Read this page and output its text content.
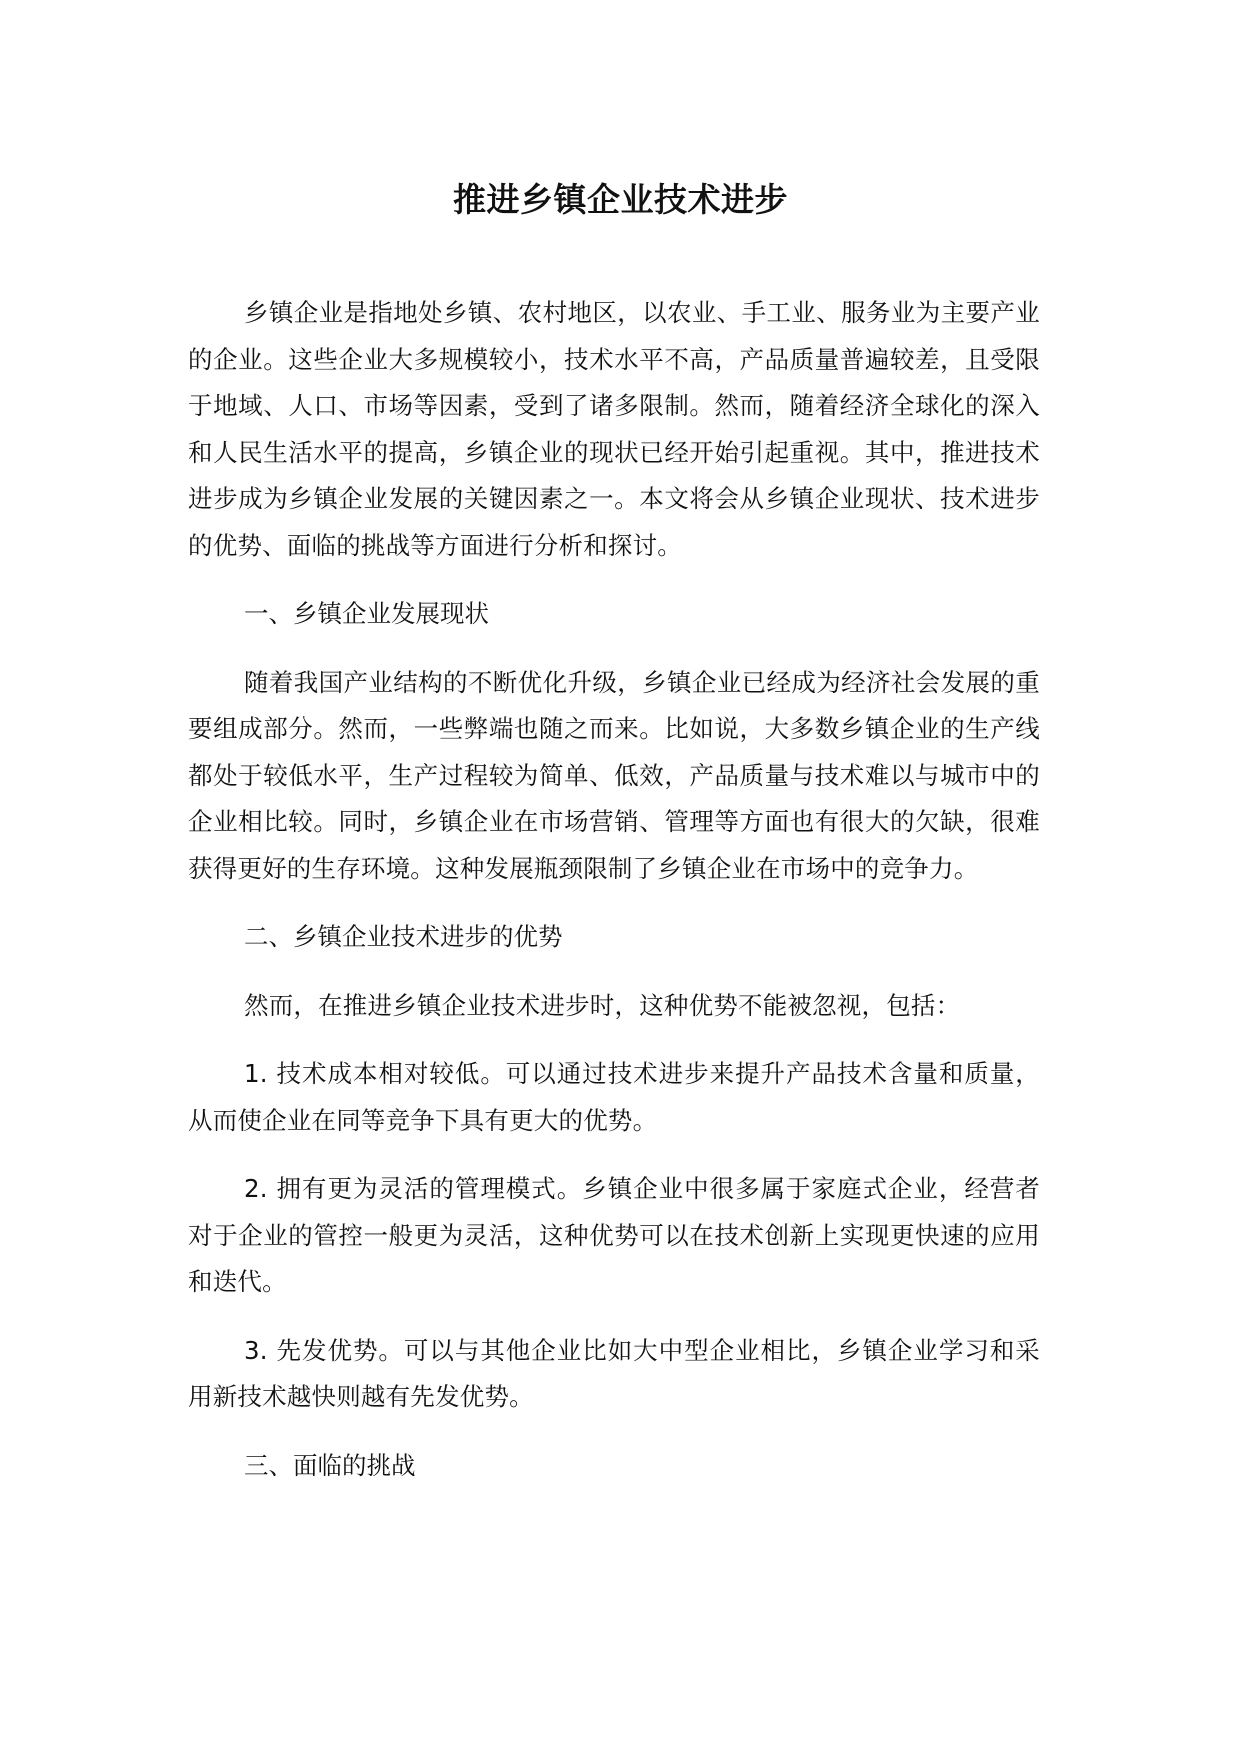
推进乡镇企业技术进步

乡镇企业是指地处乡镇、农村地区，以农业、手工业、服务业为主要产业的企业。这些企业大多规模较小，技术水平不高，产品质量普遍较差，且受限于地域、人口、市场等因素，受到了诸多限制。然而，随着经济全球化的深入和人民生活水平的提高，乡镇企业的现状已经开始引起重视。其中，推进技术进步成为乡镇企业发展的关键因素之一。本文将会从乡镇企业现状、技术进步的优势、面临的挑战等方面进行分析和探讨。

一、乡镇企业发展现状

随着我国产业结构的不断优化升级，乡镇企业已经成为经济社会发展的重要组成部分。然而，一些弊端也随之而来。比如说，大多数乡镇企业的生产线都处于较低水平，生产过程较为简单、低效，产品质量与技术难以与城市中的企业相比较。同时，乡镇企业在市场营销、管理等方面也有很大的欠缺，很难获得更好的生存环境。这种发展瓶颈限制了乡镇企业在市场中的竞争力。

二、乡镇企业技术进步的优势

然而，在推进乡镇企业技术进步时，这种优势不能被忽视，包括：

1. 技术成本相对较低。可以通过技术进步来提升产品技术含量和质量，从而使企业在同等竞争下具有更大的优势。

2. 拥有更为灵活的管理模式。乡镇企业中很多属于家庭式企业，经营者对于企业的管控一般更为灵活，这种优势可以在技术创新上实现更快速的应用和迭代。

3. 先发优势。可以与其他企业比如大中型企业相比，乡镇企业学习和采用新技术越快则越有先发优势。

三、面临的挑战
